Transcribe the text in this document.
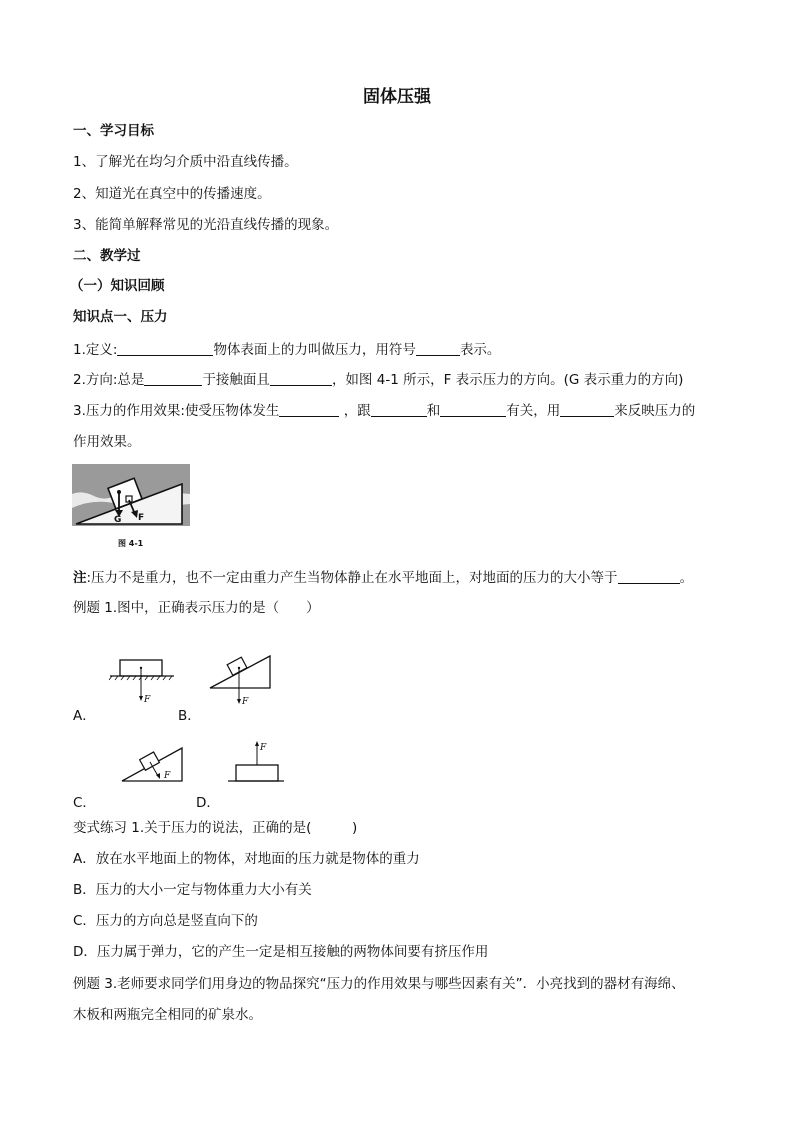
固体压强
一、学习目标
1、了解光在均匀介质中沿直线传播。
2、知道光在真空中的传播速度。
3、能简单解释常见的光沿直线传播的现象。
二、教学过
（一）知识回顾
知识点一、压力
1.定义:	物体表面上的力叫做压力，用符号	表示。
2.方向:总是	于接触面且	，如图 4-1 所示，F 表示压力的方向。(G 表示重力的方向)
3.压力的作用效果:使受压物体发生	，跟	和	有关，用	来反映压力的
作用效果。
G F
图 4-1
注:压力不是重力，也不一定由重力产生当物体静止在水平地面上，对地面的压力的大小等于	。
例题 1.图中，正确表示压力的是（　　）
F
A．
F
B．
F
C．
F
D．
变式练习 1.关于压力的说法，正确的是(　　　)
A．放在水平地面上的物体，对地面的压力就是物体的重力
B．压力的大小一定与物体重力大小有关
C．压力的方向总是竖直向下的
D．压力属于弹力，它的产生一定是相互接触的两物体间要有挤压作用
例题 3.老师要求同学们用身边的物品探究“压力的作用效果与哪些因素有关”．小亮找到的器材有海绵、
木板和两瓶完全相同的矿泉水。
